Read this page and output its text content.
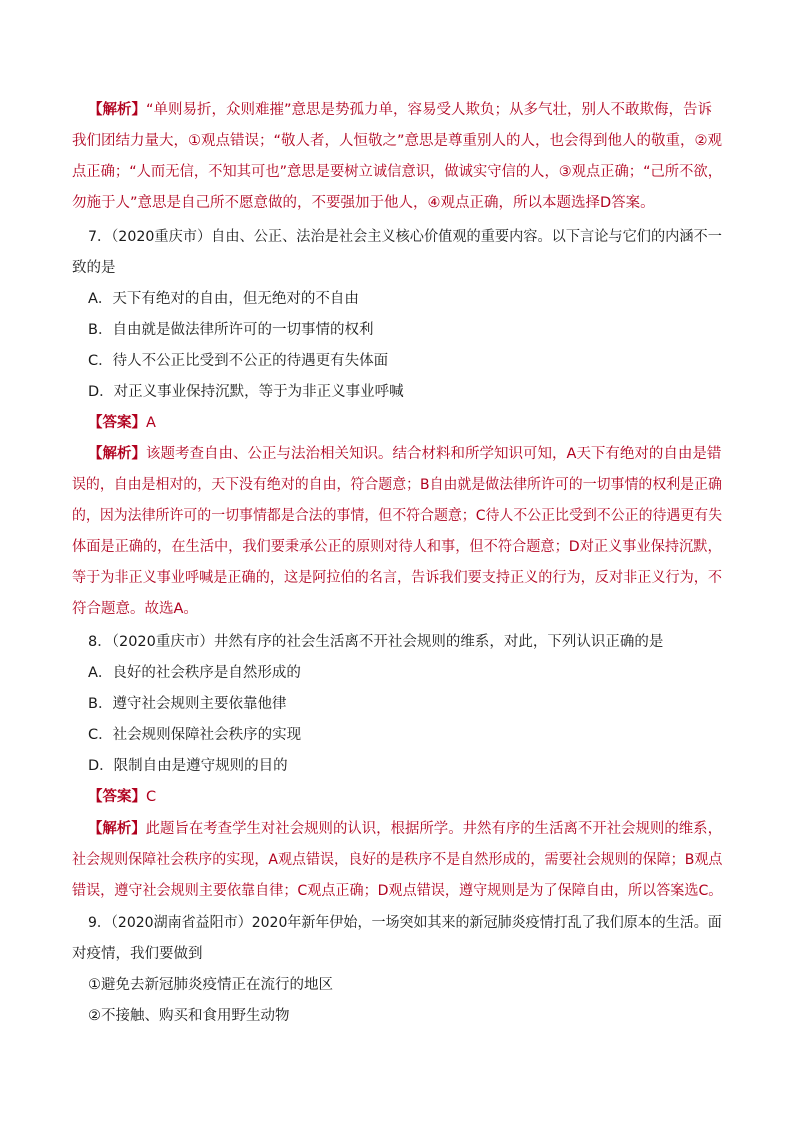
【解析】“单则易折，众则难摧”意思是势孤力单，容易受人欺负；从多气壮，别人不敢欺侮，告诉
我们团结力量大，①观点错误；“敬人者，人恒敬之”意思是尊重别人的人，也会得到他人的敬重，②观
点正确；“人而无信，不知其可也”意思是要树立诚信意识，做诚实守信的人，③观点正确；“己所不欲，
勿施于人”意思是自己所不愿意做的，不要强加于他人，④观点正确，所以本题选择D答案。
7．（2020重庆市）自由、公正、法治是社会主义核心价值观的重要内容。以下言论与它们的内涵不一
致的是
A．天下有绝对的自由，但无绝对的不自由
B．自由就是做法律所许可的一切事情的权利
C．待人不公正比受到不公正的待遇更有失体面
D．对正义事业保持沉默，等于为非正义事业呼喊
【答案】A
【解析】该题考查自由、公正与法治相关知识。结合材料和所学知识可知，A天下有绝对的自由是错
误的，自由是相对的，天下没有绝对的自由，符合题意；B自由就是做法律所许可的一切事情的权利是正确
的，因为法律所许可的一切事情都是合法的事情，但不符合题意；C待人不公正比受到不公正的待遇更有失
体面是正确的，在生活中，我们要秉承公正的原则对待人和事，但不符合题意；D对正义事业保持沉默，
等于为非正义事业呼喊是正确的，这是阿拉伯的名言，告诉我们要支持正义的行为，反对非正义行为，不
符合题意。故选A。
8．（2020重庆市）井然有序的社会生活离不开社会规则的维系，对此，下列认识正确的是
A．良好的社会秩序是自然形成的
B．遵守社会规则主要依靠他律
C．社会规则保障社会秩序的实现
D．限制自由是遵守规则的目的
【答案】C
【解析】此题旨在考查学生对社会规则的认识，根据所学。井然有序的生活离不开社会规则的维系，
社会规则保障社会秩序的实现，A观点错误，良好的是秩序不是自然形成的，需要社会规则的保障；B观点
错误，遵守社会规则主要依靠自律；C观点正确；D观点错误，遵守规则是为了保障自由，所以答案选C。
9．（2020湖南省益阳市）2020年新年伊始，一场突如其来的新冠肺炎疫情打乱了我们原本的生活。面
对疫情，我们要做到
①避免去新冠肺炎疫情正在流行的地区
②不接触、购买和食用野生动物
